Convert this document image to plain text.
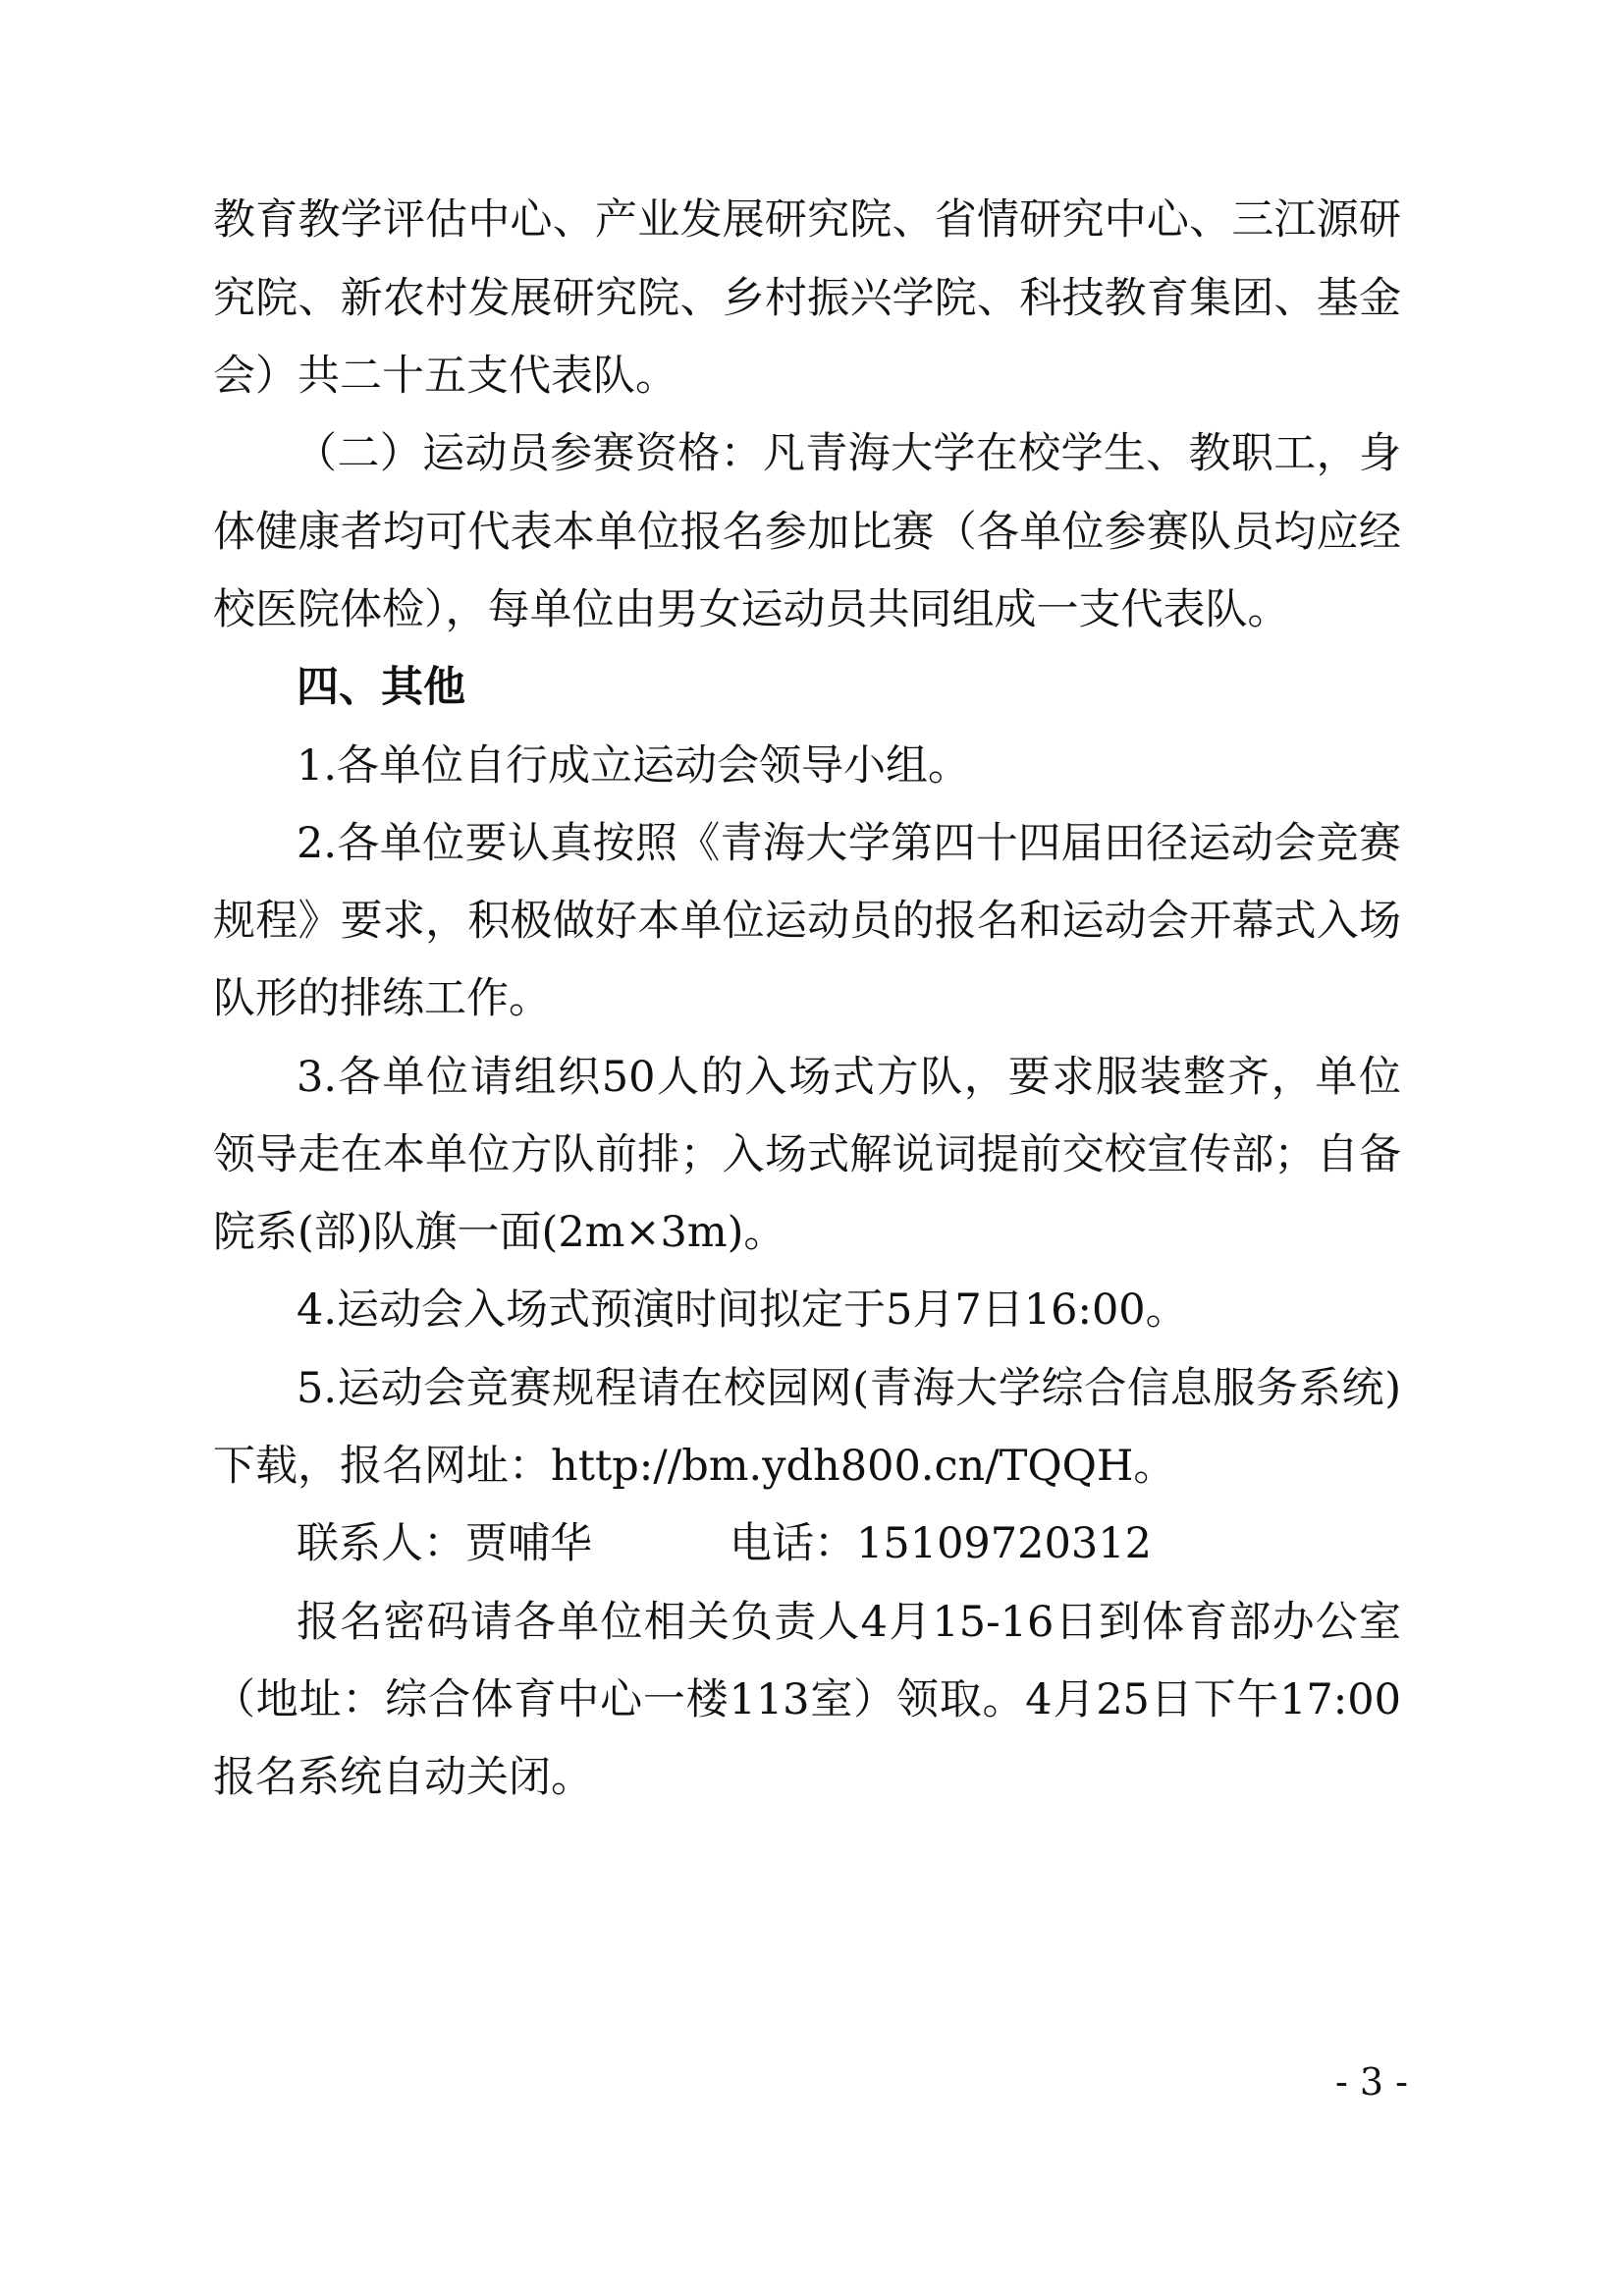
教育教学评估中心、产业发展研究院、省情研究中心、三江源研
究院、新农村发展研究院、乡村振兴学院、科技教育集团、基金
会）共二十五支代表队。
（二）运动员参赛资格：凡青海大学在校学生、教职工，身
体健康者均可代表本单位报名参加比赛（各单位参赛队员均应经
校医院体检），每单位由男女运动员共同组成一支代表队。
四、其他
1.各单位自行成立运动会领导小组。
2.各单位要认真按照《青海大学第四十四届田径运动会竞赛
规程》要求，积极做好本单位运动员的报名和运动会开幕式入场
队形的排练工作。
3.各单位请组织50人的入场式方队，要求服装整齐，单位
领导走在本单位方队前排；入场式解说词提前交校宣传部；自备
院系(部)队旗一面(2m×3m)。
4.运动会入场式预演时间拟定于5月7日16:00。
5.运动会竞赛规程请在校园网(青海大学综合信息服务系统)
下载，报名网址：http://bm.ydh800.cn/TQQH。
联系人：贾哺华	电话：15109720312
报名密码请各单位相关负责人4月15-16日到体育部办公室
（地址：综合体育中心一楼113室）领取。4月25日下午17:00
报名系统自动关闭。
- 3 -
